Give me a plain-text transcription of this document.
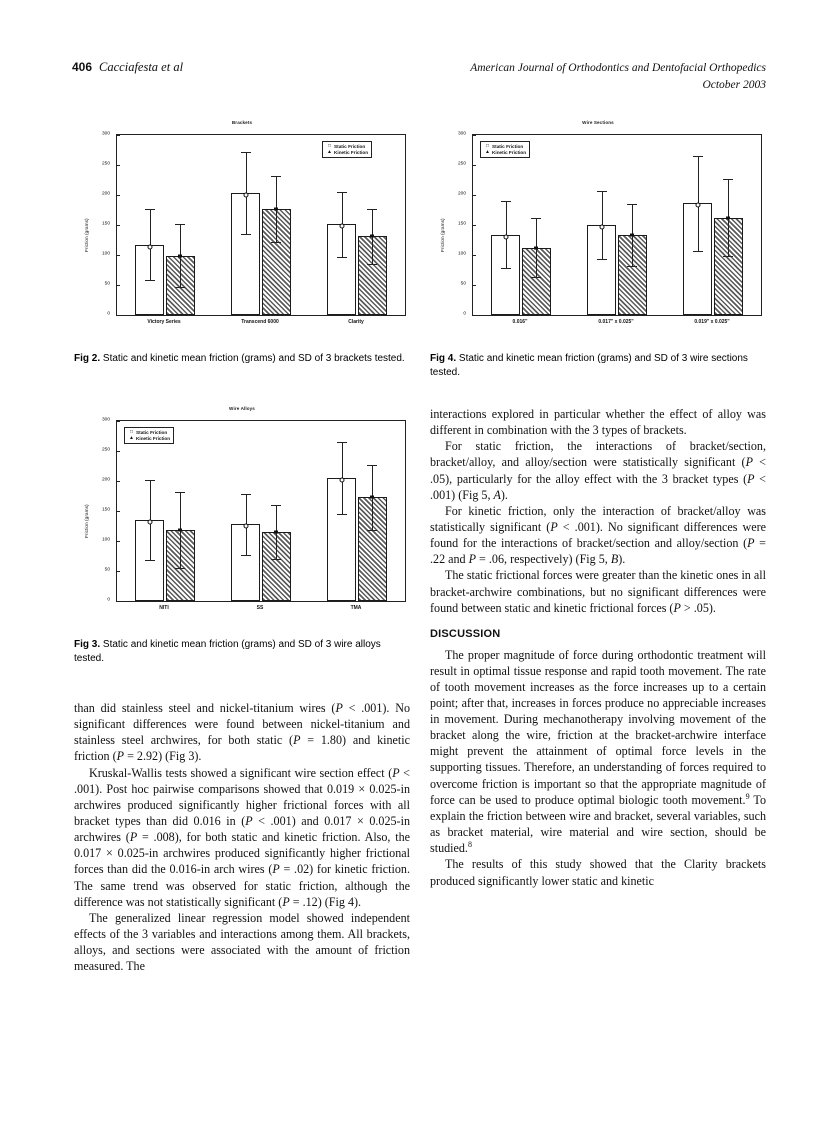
406 Cacciafesta et al	American Journal of Orthodontics and Dentofacial Orthopedics
October 2003
Brackets
Friction (grams)
0
50
100
150
200
250
300
Victory Series	Transcend 6000	Clarity
□ Static Friction
▲ Kinetic Friction
Fig 2. Static and kinetic mean friction (grams) and SD of 3 brackets tested.
Wire Sections
Friction (grams)
0
50
100
150
200
250
300
0.016"	0.017" x 0.025"	0.019" x 0.025"
□ Static Friction
▲ Kinetic Friction
Fig 4. Static and kinetic mean friction (grams) and SD of 3 wire sections tested.
Wire Alloys
Friction (grams)
0
50
100
150
200
250
300
NITI	SS	TMA
□ Static Friction
▲ Kinetic Friction
Fig 3. Static and kinetic mean friction (grams) and SD of 3 wire alloys tested.

than did stainless steel and nickel-titanium wires (P < .001). No significant differences were found between nickel-titanium and stainless steel archwires, for both static (P = 1.80) and kinetic friction (P = 2.92) (Fig 3).

Kruskal-Wallis tests showed a significant wire section effect (P < .001). Post hoc pairwise comparisons showed that 0.019 × 0.025-in archwires produced significantly higher frictional forces with all bracket types than did 0.016 in (P < .001) and 0.017 × 0.025-in archwires (P = .008), for both static and kinetic friction. Also, the 0.017 × 0.025-in archwires produced significantly higher frictional forces than did the 0.016-in arch wires (P = .02) for kinetic friction. The same trend was observed for static friction, although the difference was not statistically significant (P = .12) (Fig 4).

The generalized linear regression model showed independent effects of the 3 variables and interactions among them. All brackets, alloys, and sections were associated with the amount of friction measured. The

interactions explored in particular whether the effect of alloy was different in combination with the 3 types of brackets.

For static friction, the interactions of bracket/section, bracket/alloy, and alloy/section were statistically significant (P < .05), particularly for the alloy effect with the 3 bracket types (P < .001) (Fig 5, A).

For kinetic friction, only the interaction of bracket/alloy was statistically significant (P < .001). No significant differences were found for the interactions of bracket/section and alloy/section (P = .22 and P = .06, respectively) (Fig 5, B).

The static frictional forces were greater than the kinetic ones in all bracket-archwire combinations, but no significant differences were found between static and kinetic frictional forces (P > .05).

DISCUSSION

The proper magnitude of force during orthodontic treatment will result in optimal tissue response and rapid tooth movement. The rate of tooth movement increases as the force increases up to a certain point; after that, increases in forces produce no appreciable increases in movement. During mechanotherapy involving movement of the bracket along the wire, friction at the bracket-archwire interface might prevent the attainment of optimal force levels in the supporting tissues. Therefore, an understanding of forces required to overcome friction is important so that the appropriate magnitude of force can be used to produce optimal biologic tooth movement.$^9$ To explain the friction between wire and bracket, several variables, such as bracket material, wire material and wire section, should be studied.$^8$

The results of this study showed that the Clarity brackets produced significantly lower static and kinetic
